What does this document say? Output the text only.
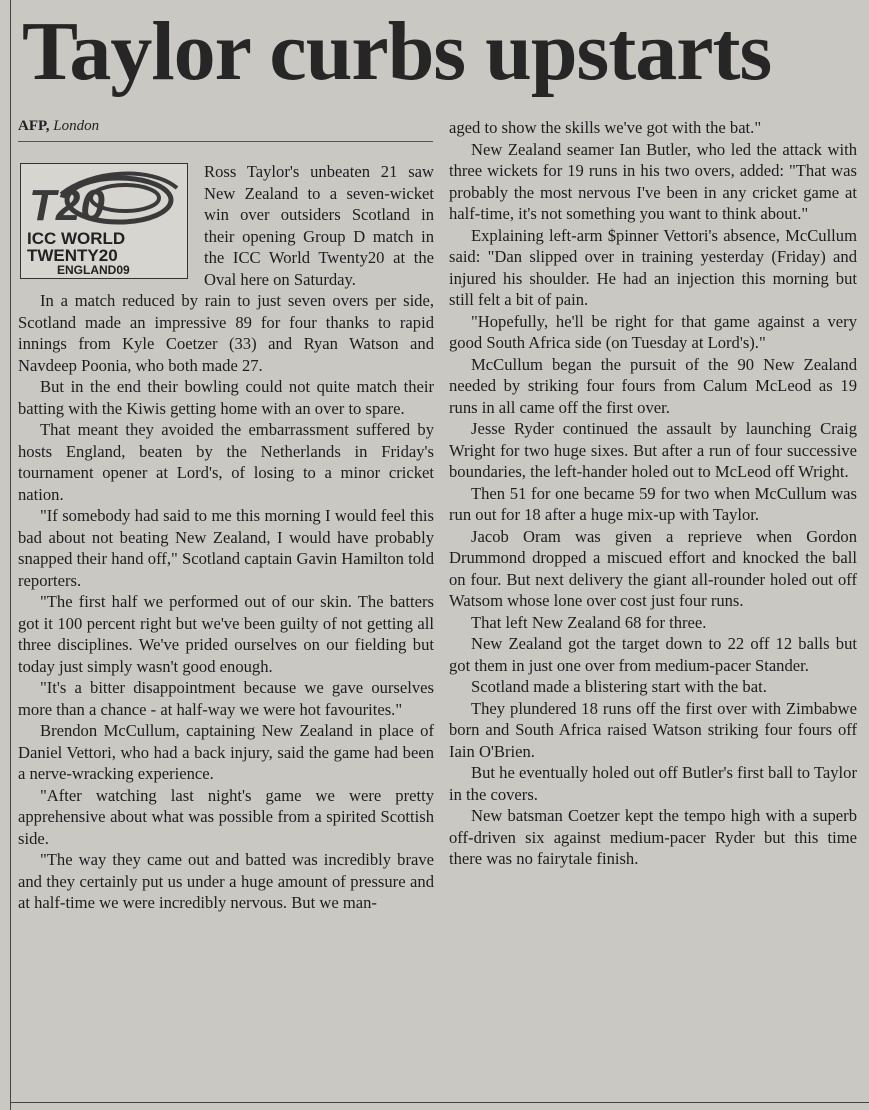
Taylor curbs upstarts
AFP, London
T20
ICC WORLD
TWENTY20
ENGLAND09

Ross Taylor's unbeaten 21 saw New Zealand to a seven-wicket win over outsiders Scotland in their opening Group D match in the ICC World Twenty20 at the Oval here on Saturday.

In a match reduced by rain to just seven overs per side, Scotland made an impressive 89 for four thanks to rapid innings from Kyle Coetzer (33) and Ryan Watson and Navdeep Poonia, who both made 27.

But in the end their bowling could not quite match their batting with the Kiwis getting home with an over to spare.

That meant they avoided the embarrassment suffered by hosts England, beaten by the Netherlands in Friday's tournament opener at Lord's, of losing to a minor cricket nation.

"If somebody had said to me this morning I would feel this bad about not beating New Zealand, I would have probably snapped their hand off," Scotland captain Gavin Hamilton told reporters.

"The first half we performed out of our skin. The batters got it 100 percent right but we've been guilty of not getting all three disciplines. We've prided ourselves on our fielding but today just simply wasn't good enough.

"It's a bitter disappointment because we gave ourselves more than a chance - at half-way we were hot favourites."

Brendon McCullum, captaining New Zealand in place of Daniel Vettori, who had a back injury, said the game had been a nerve-wracking experience.

"After watching last night's game we were pretty apprehensive about what was possible from a spirited Scottish side.

"The way they came out and batted was incredibly brave and they certainly put us under a huge amount of pressure and at half-time we were incredibly nervous. But we man-

aged to show the skills we've got with the bat."

New Zealand seamer Ian Butler, who led the attack with three wickets for 19 runs in his two overs, added: "That was probably the most nervous I've been in any cricket game at half-time, it's not something you want to think about."

Explaining left-arm $pinner Vettori's absence, McCullum said: "Dan slipped over in training yesterday (Friday) and injured his shoulder. He had an injection this morning but still felt a bit of pain.

"Hopefully, he'll be right for that game against a very good South Africa side (on Tuesday at Lord's)."

McCullum began the pursuit of the 90 New Zealand needed by striking four fours from Calum McLeod as 19 runs in all came off the first over.

Jesse Ryder continued the assault by launching Craig Wright for two huge sixes. But after a run of four successive boundaries, the left-hander holed out to McLeod off Wright.

Then 51 for one became 59 for two when McCullum was run out for 18 after a huge mix-up with Taylor.

Jacob Oram was given a reprieve when Gordon Drummond dropped a miscued effort and knocked the ball on four. But next delivery the giant all-rounder holed out off Watsom whose lone over cost just four runs.

That left New Zealand 68 for three.

New Zealand got the target down to 22 off 12 balls but got them in just one over from medium-pacer Stander.

Scotland made a blistering start with the bat.

They plundered 18 runs off the first over with Zimbabwe born and South Africa raised Watson striking four fours off Iain O'Brien.

But he eventually holed out off Butler's first ball to Taylor in the covers.

New batsman Coetzer kept the tempo high with a superb off-driven six against medium-pacer Ryder but this time there was no fairytale finish.
